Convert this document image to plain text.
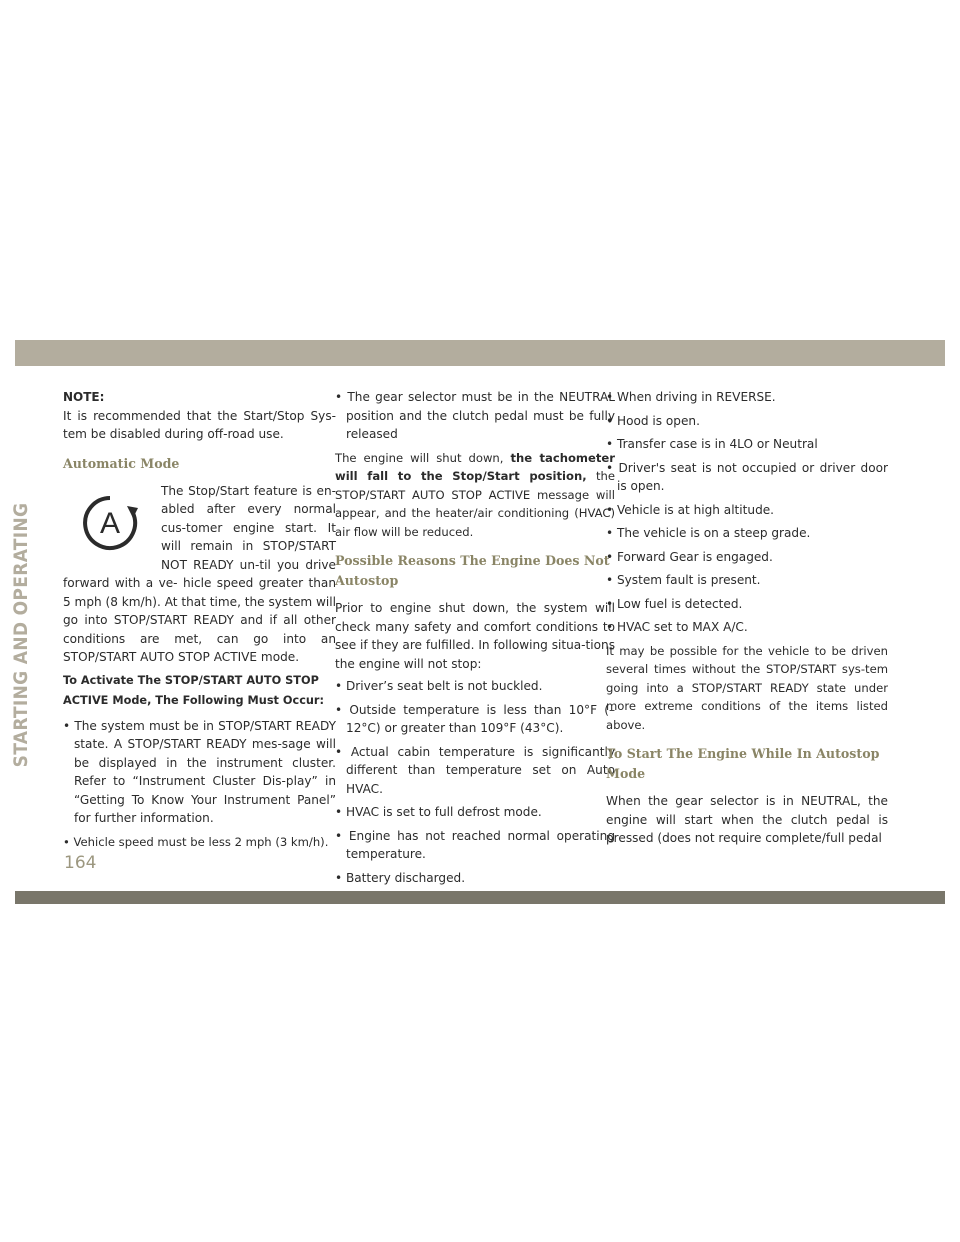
STARTING AND OPERATING

NOTE:

It is recommended that the Start/Stop Sys-tem be disabled during off-road use.

Automatic Mode
A

The Stop/Start feature is en-abled after every normal cus-tomer engine start. It will remain in STOP/START NOT READY un-til you drive forward with a ve- hicle speed greater than 5 mph (8 km/h). At that time, the system will go into STOP/START READY and if all other conditions are met, can go into an STOP/START AUTO STOP ACTIVE mode.

To Activate The STOP/START AUTO STOP ACTIVE Mode, The Following Must Occur:

• The system must be in STOP/START READY state. A STOP/START READY mes-sage will be displayed in the instrument cluster. Refer to “Instrument Cluster Dis-play” in “Getting To Know Your Instrument Panel” for further information.

• Vehicle speed must be less 2 mph (3 km/h).

• The gear selector must be in the NEUTRAL position and the clutch pedal must be fully released

The engine will shut down, the tachometer will fall to the Stop/Start position, the STOP/START AUTO STOP ACTIVE message will appear, and the heater/air conditioning (HVAC) air flow will be reduced.

Possible Reasons The Engine Does Not Autostop

Prior to engine shut down, the system will check many safety and comfort conditions to see if they are fulfilled. In following situa-tions the engine will not stop:

• Driver’s seat belt is not buckled.

• Outside temperature is less than 10°F (–12°C) or greater than 109°F (43°C).

• Actual cabin temperature is significantly different than temperature set on Auto HVAC.

• HVAC is set to full defrost mode.

• Engine has not reached normal operating temperature.

• Battery discharged.

• When driving in REVERSE.

• Hood is open.

• Transfer case is in 4LO or Neutral

• Driver's seat is not occupied or driver door is open.

• Vehicle is at high altitude.

• The vehicle is on a steep grade.

• Forward Gear is engaged.

• System fault is present.

• Low fuel is detected.

• HVAC set to MAX A/C.

It may be possible for the vehicle to be driven several times without the STOP/START sys-tem going into a STOP/START READY state under more extreme conditions of the items listed above.

To Start The Engine While In Autostop Mode

When the gear selector is in NEUTRAL, the engine will start when the clutch pedal is pressed (does not require complete/full pedal

164
